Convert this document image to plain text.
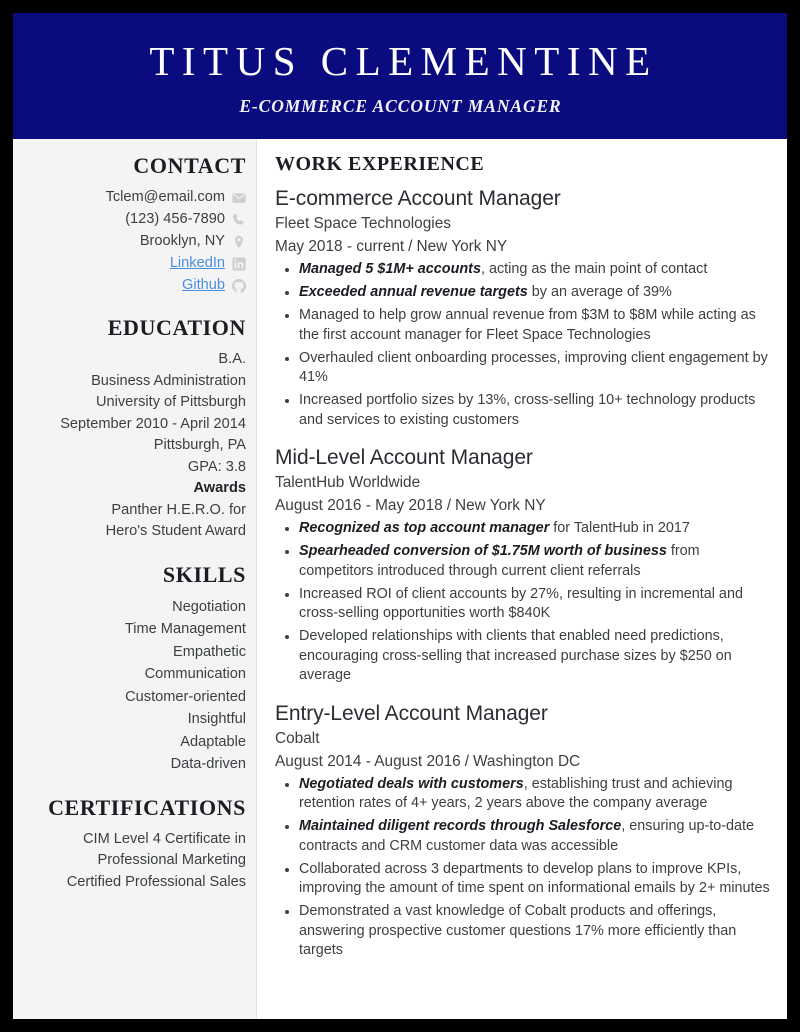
TITUS CLEMENTINE
E-COMMERCE ACCOUNT MANAGER
CONTACT
Tclem@email.com
(123) 456-7890
Brooklyn, NY
LinkedIn
Github
EDUCATION
B.A.
Business Administration
University of Pittsburgh
September 2010 - April 2014
Pittsburgh, PA
GPA: 3.8
Awards
Panther H.E.R.O. for
Hero's Student Award
SKILLS
Negotiation
Time Management
Empathetic
Communication
Customer-oriented
Insightful
Adaptable
Data-driven
CERTIFICATIONS
CIM Level 4 Certificate in Professional Marketing
Certified Professional Sales
WORK EXPERIENCE
E-commerce Account Manager
Fleet Space Technologies
May 2018 - current / New York NY
Managed 5 $1M+ accounts, acting as the main point of contact
Exceeded annual revenue targets by an average of 39%
Managed to help grow annual revenue from $3M to $8M while acting as the first account manager for Fleet Space Technologies
Overhauled client onboarding processes, improving client engagement by 41%
Increased portfolio sizes by 13%, cross-selling 10+ technology products and services to existing customers
Mid-Level Account Manager
TalentHub Worldwide
August 2016 - May 2018 / New York NY
Recognized as top account manager for TalentHub in 2017
Spearheaded conversion of $1.75M worth of business from competitors introduced through current client referrals
Increased ROI of client accounts by 27%, resulting in incremental and cross-selling opportunities worth $840K
Developed relationships with clients that enabled need predictions, encouraging cross-selling that increased purchase sizes by $250 on average
Entry-Level Account Manager
Cobalt
August 2014 - August 2016 / Washington DC
Negotiated deals with customers, establishing trust and achieving retention rates of 4+ years, 2 years above the company average
Maintained diligent records through Salesforce, ensuring up-to-date contracts and CRM customer data was accessible
Collaborated across 3 departments to develop plans to improve KPIs, improving the amount of time spent on informational emails by 2+ minutes
Demonstrated a vast knowledge of Cobalt products and offerings, answering prospective customer questions 17% more efficiently than targets
